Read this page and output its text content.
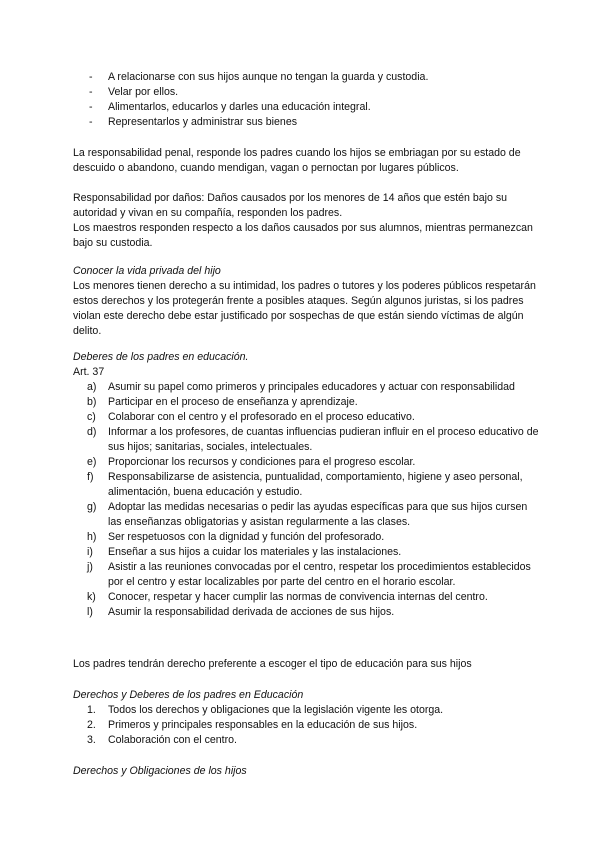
- A relacionarse con sus hijos aunque no tengan la guarda y custodia.
- Velar por ellos.
- Alimentarlos, educarlos y darles una educación integral.
- Representarlos y administrar sus bienes

La responsabilidad penal, responde los padres cuando los hijos se embriagan por su estado de descuido o abandono, cuando mendigan, vagan o pernoctan por lugares públicos.

Responsabilidad por daños: Daños causados por los menores de 14 años que estén bajo su autoridad y vivan en su compañía, responden los padres.

Los maestros responden respecto a los daños causados por sus alumnos, mientras permanezcan bajo su custodia.

Conocer la vida privada del hijo

Los menores tienen derecho a su intimidad, los padres o tutores y los poderes públicos respetarán estos derechos y los protegerán frente a posibles ataques. Según algunos juristas, si los padres violan este derecho debe estar justificado por sospechas de que están siendo víctimas de algún delito.

Deberes de los padres en educación.

Art. 37

a) Asumir su papel como primeros y principales educadores y actuar con responsabilidad
b) Participar en el proceso de enseñanza y aprendizaje.
c) Colaborar con el centro y el profesorado en el proceso educativo.
d) Informar a los profesores, de cuantas influencias pudieran influir en el proceso educativo de sus hijos; sanitarias, sociales, intelectuales.
e) Proporcionar los recursos y condiciones para el progreso escolar.
f) Responsabilizarse de asistencia, puntualidad, comportamiento, higiene y aseo personal, alimentación, buena educación y estudio.
g) Adoptar las medidas necesarias o pedir las ayudas específicas para que sus hijos cursen las enseñanzas obligatorias y asistan regularmente a las clases.
h) Ser respetuosos con la dignidad y función del profesorado.
i) Enseñar a sus hijos a cuidar los materiales y las instalaciones.
j) Asistir a las reuniones convocadas por el centro, respetar los procedimientos establecidos por el centro y estar localizables por parte del centro en el horario escolar.
k) Conocer, respetar y hacer cumplir las normas de convivencia internas del centro.
l) Asumir la responsabilidad derivada de acciones de sus hijos.

Los padres tendrán derecho preferente a escoger el tipo de educación para sus hijos

Derechos y Deberes de los padres en Educación

1. Todos los derechos y obligaciones que la legislación vigente les otorga.
2. Primeros y principales responsables en la educación de sus hijos.
3. Colaboración con el centro.

Derechos y Obligaciones de los hijos
